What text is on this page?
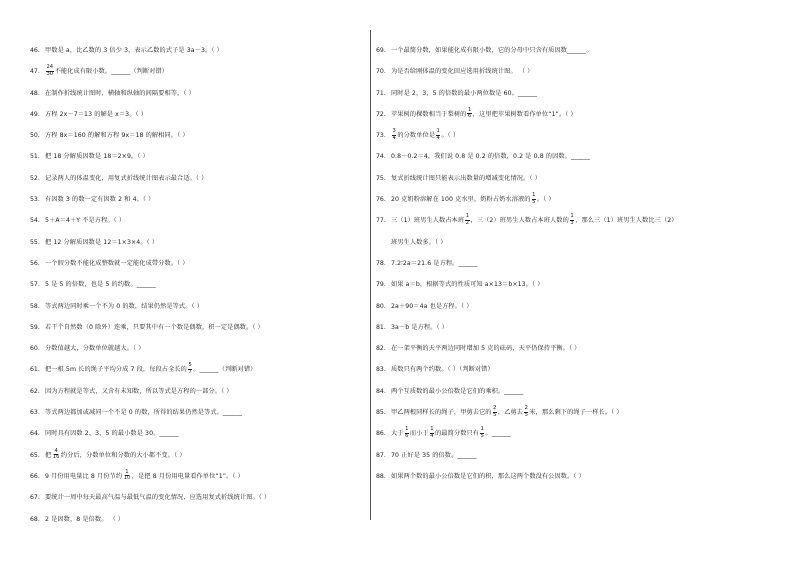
46. 甲数是 a，比乙数的 3 倍少 3，表示乙数的式子是 3a－3。（ ）
47. $\frac{24}{30}$ 不能化成有限小数。______（判断对错）
48. 在制作折线统计图时，横轴和纵轴的间隔要相等。（ ）
49. 方程 2x－7＝13 的解是 x＝3。（ ）
50. 方程 8x＝160 的解和方程 9x＝18 的解相同。（ ）
51. 把 18 分解质因数是 18＝2×9。（ ）
52. 记录两人的体温变化，用复式折线统计图表示最合适。（ ）
53. 有因数 3 的数一定有因数 2 和 4。（ ）
54. 5＋A＝4＋Y 不是方程。（ ）
55. 把 12 分解质因数是 12＝1×3×4。（ ）
56. 一个假分数不能化成整数就一定能化成带分数。（ ）
57. 5 是 5 的倍数，也是 5 的约数。______
58. 等式两边同时乘一个不为 0 的数，结果仍然是等式。（ ）
59. 若干个自然数（0 除外）连乘，只要其中有一个数是偶数，积一定是偶数。（ ）
60. 分数值越大，分数单位就越大。（ ）
61. 把一根 5m 长的绳子平均分成 7 段，每段占全长的 $\frac{5}{7}$ 。______（判断对错）
62. 因为方程就是等式，又含有未知数，所以等式是方程的一部分。（ ）
63. 等式两边都加或减同一个不是 0 的数，所得的结果仍然是等式。______
64. 同时具有因数 2、3、5 的最小数是 30。______
65. 把 $\frac{4}{16}$ 约分后，分数单位和分数的大小都不变。（ ）
66. 9 月份用电量比 8 月份节约 $\frac{1}{10}$ ，是把 8 月份用电量看作单位“1”。（ ）
67. 要统计一周中每天最高气温与最低气温的变化情况，应选用复式折线统计图。（ ）
68. 2 是因数，8 是倍数。 （ ）
69. 一个最简分数，如果能化成有限小数，它的分母中只含有质因数______。
70. 为是否给刚体温的变化回应选用折线统计图。 （ ）
71. 同时是 2，3，5 的倍数的最小两位数是 60。______
72. 苹果树的棵数相当于梨树的 $\frac{1}{6}$ ，这里把苹果树数看作单位“1”。（ ）
73. $\frac{3}{4}$ 的分数单位是 $\frac{1}{4}$ 。（ ）
74. 0.8－0.2＝4，我们说 0.8 是 0.2 的倍数，0.2 是 0.8 的因数。______
75. 复式折线统计图只能表示出数量的增减变化情况。（ ）
76. 20 克奶粉溶解在 100 克水里，奶粉占奶水溶液的 $\frac{1}{5}$ 。（ ）
77. 三（1）班男生人数占本班 $\frac{1}{2}$ ，三（2）班男生人数占本班人数的 $\frac{1}{3}$ ，那么三（1）班男生人数比三（2）
班男生人数多。（ ）
78. 7.2∶2a＝21.6 是方程。______
79. 如果 a＝b，根据等式的性质可知 a×13＝b×13。（ ）
80. 2a＋90＝4a 也是方程。（ ）
81. 3a－b 是方程。（ ）
82. 在一架平衡的天平两边同时增加 5 克的砝码，天平仍保持平衡。（ ）
83. 质数只有两个约数。（ ）（判断对错）
84. 两个互质数的最小公倍数是它们的乘积。______
85. 甲乙两根同样长的绳子，甲剪去它的 $\frac{2}{5}$ ，乙剪去 $\frac{2}{5}$ 米，那么剩下的绳子一样长。（ ）
86. 大于 $\frac{1}{6}$ 而小于 $\frac{1}{4}$ 的最简分数只有 $\frac{1}{5}$ 。______
87. 70 正好是 35 的倍数。______
88. 如果两个数的最小公倍数是它们的积，那么这两个数没有公因数。（ ）
